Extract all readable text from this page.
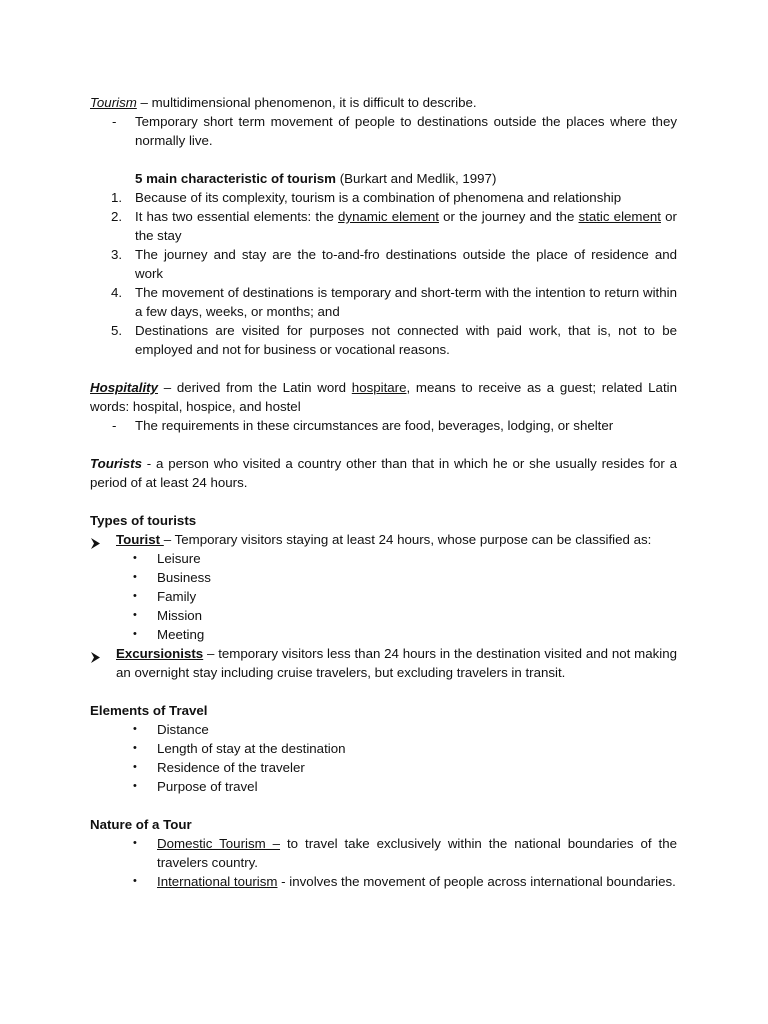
Tourism – multidimensional phenomenon, it is difficult to describe.

- Temporary short term movement of people to destinations outside the places where they normally live.

5 main characteristic of tourism (Burkart and Medlik, 1997)

1. Because of its complexity, tourism is a combination of phenomena and relationship

2. It has two essential elements: the dynamic element or the journey and the static element or the stay

3. The journey and stay are the to-and-fro destinations outside the place of residence and work

4. The movement of destinations is temporary and short-term with the intention to return within a few days, weeks, or months; and

5. Destinations are visited for purposes not connected with paid work, that is, not to be employed and not for business or vocational reasons.

Hospitality – derived from the Latin word hospitare, means to receive as a guest; related Latin words: hospital, hospice, and hostel

- The requirements in these circumstances are food, beverages, lodging, or shelter

Tourists - a person who visited a country other than that in which he or she usually resides for a period of at least 24 hours.

Types of tourists

Tourist – Temporary visitors staying at least 24 hours, whose purpose can be classified as:

• Leisure

• Business

• Family

• Mission

• Meeting

Excursionists – temporary visitors less than 24 hours in the destination visited and not making an overnight stay including cruise travelers, but excluding travelers in transit.

Elements of Travel

• Distance

• Length of stay at the destination

• Residence of the traveler

• Purpose of travel

Nature of a Tour

• Domestic Tourism – to travel take exclusively within the national boundaries of the travelers country.

• International tourism - involves the movement of people across international boundaries.
